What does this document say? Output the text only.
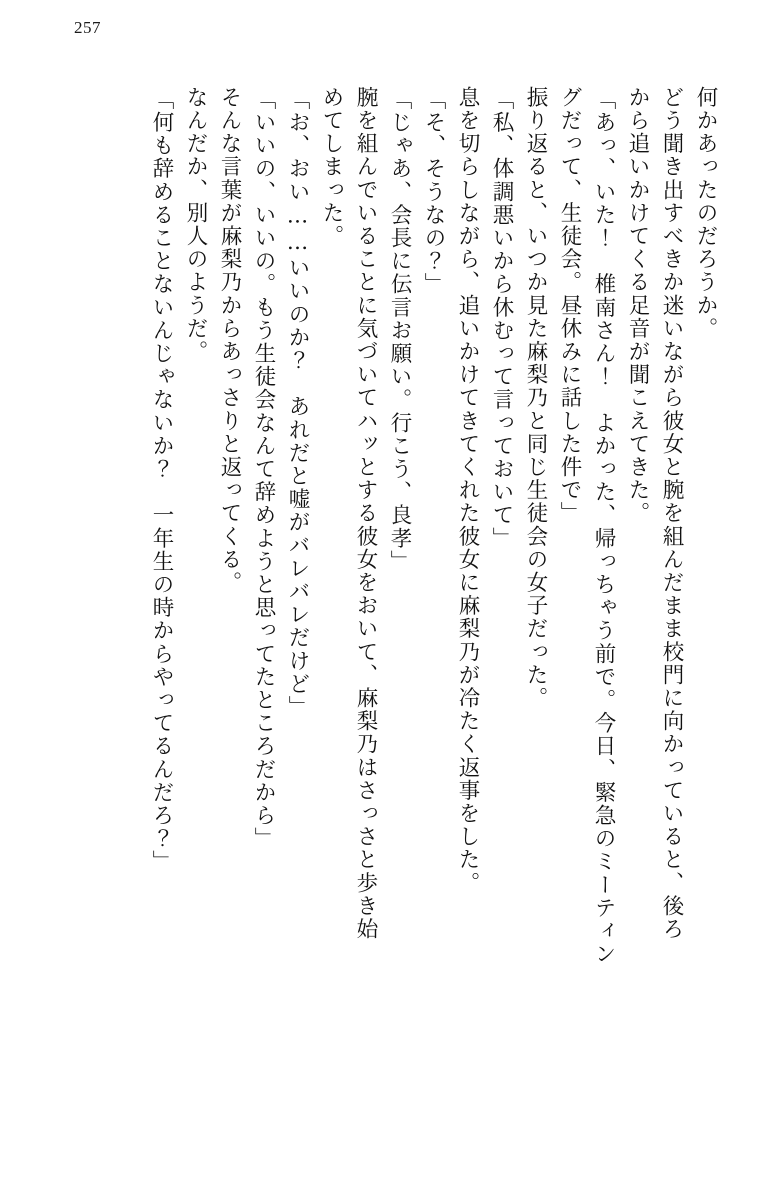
257
何かあったのだろうか。
どう聞き出すべきか迷いながら彼女と腕を組んだまま校門に向かっていると、後ろ
から追いかけてくる足音が聞こえてきた。
「あっ、いた！　椎南さん！　よかった、帰っちゃう前で。今日、緊急のミーティン
グだって、生徒会。昼休みに話した件で」
振り返ると、いつか見た麻梨乃と同じ生徒会の女子だった。
「私、体調悪いから休むって言っておいて」
息を切らしながら、追いかけてきてくれた彼女に麻梨乃が冷たく返事をした。
「そ、そうなの？」
「じゃあ、会長に伝言お願い。行こう、良孝」
腕を組んでいることに気づいてハッとする彼女をおいて、麻梨乃はさっさと歩き始
めてしまった。
「お、おい……いいのか？　あれだと嘘がバレバレだけど」
「いいの、いいの。もう生徒会なんて辞めようと思ってたところだから」
そんな言葉が麻梨乃からあっさりと返ってくる。
なんだか、別人のようだ。
「何も辞めることないんじゃないか？　一年生の時からやってるんだろ？」
